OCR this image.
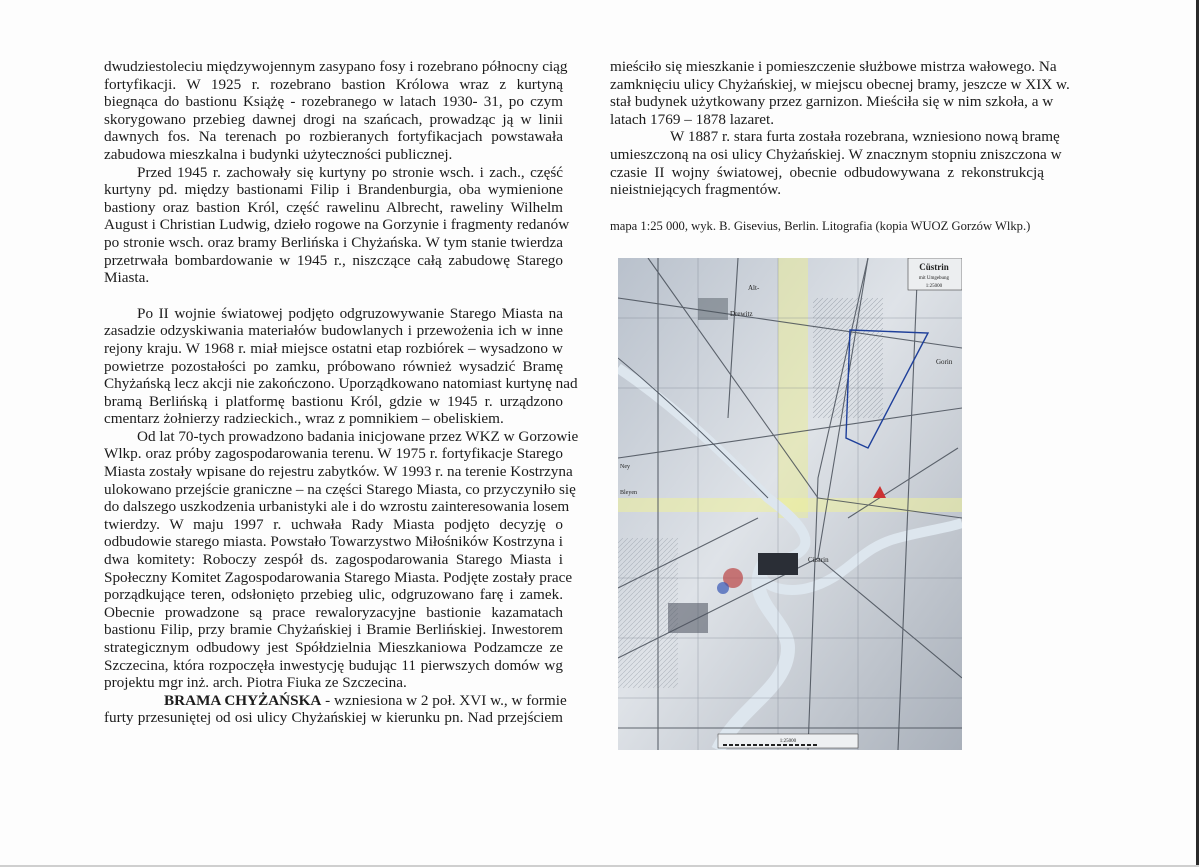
dwudziestoleciu międzywojennym zasypano fosy i rozebrano północny ciąg
fortyfikacji. W 1925 r. rozebrano bastion Królowa wraz z kurtyną
biegnąca do bastionu Książę - rozebranego w latach 1930- 31, po czym
skorygowano przebieg dawnej drogi na szańcach, prowadząc ją w linii
dawnych fos. Na terenach po rozbieranych fortyfikacjach powstawała
zabudowa mieszkalna i budynki użyteczności publicznej.
Przed 1945 r. zachowały się kurtyny po stronie wsch. i zach., część
kurtyny pd. między bastionami Filip i Brandenburgia, oba wymienione
bastiony oraz bastion Król, część rawelinu Albrecht, raweliny Wilhelm
August i Christian Ludwig, dzieło rogowe na Gorzynie i fragmenty redanów
po stronie wsch. oraz bramy Berlińska i Chyżańska. W tym stanie twierdza
przetrwała bombardowanie w 1945 r., niszczące całą zabudowę Starego
Miasta.
Po II wojnie światowej podjęto odgruzowywanie Starego Miasta na
zasadzie odzyskiwania materiałów budowlanych i przewożenia ich w inne
rejony kraju. W 1968 r. miał miejsce ostatni etap rozbiórek – wysadzono w
powietrze pozostałości po zamku, próbowano również wysadzić Bramę
Chyżańską lecz akcji nie zakończono. Uporządkowano natomiast kurtynę nad
bramą Berlińską i platformę bastionu Król, gdzie w 1945 r. urządzono
cmentarz żołnierzy radzieckich., wraz z pomnikiem – obeliskiem.
Od lat 70-tych prowadzono badania inicjowane przez WKZ w Gorzowie
Wlkp. oraz próby zagospodarowania terenu. W 1975 r. fortyfikacje Starego
Miasta zostały wpisane do rejestru zabytków. W 1993 r. na terenie Kostrzyna
ulokowano przejście graniczne – na części Starego Miasta, co przyczyniło się
do dalszego uszkodzenia urbanistyki ale i do wzrostu zainteresowania losem
twierdzy. W maju 1997 r. uchwała Rady Miasta podjęto decyzję o
odbudowie starego miasta. Powstało Towarzystwo Miłośników Kostrzyna i
dwa komitety: Roboczy zespół ds. zagospodarowania Starego Miasta i
Społeczny Komitet Zagospodarowania Starego Miasta. Podjęte zostały prace
porządkujące teren, odsłonięto przebieg ulic, odgruzowano farę i zamek.
Obecnie prowadzone są prace rewaloryzacyjne bastionie kazamatach
bastionu Filip, przy bramie Chyżańskiej i Bramie Berlińskiej. Inwestorem
strategicznym odbudowy jest Spółdzielnia Mieszkaniowa Podzamcze ze
Szczecina, która rozpoczęła inwestycję budując 11 pierwszych domów wg
projektu mgr inż. arch. Piotra Fiuka ze Szczecina.
BRAMA CHYŻAŃSKA - wzniesiona w 2 poł. XVI w., w formie
furty przesuniętej od osi ulicy Chyżańskiej w kierunku pn. Nad przejściem
mieściło się mieszkanie i pomieszczenie służbowe mistrza wałowego. Na
zamknięciu ulicy Chyżańskiej, w miejscu obecnej bramy, jeszcze w XIX w.
stał budynek użytkowany przez garnizon. Mieściła się w nim szkoła, a w
latach 1769 – 1878 lazaret.
W 1887 r. stara furta została rozebrana, wzniesiono nową bramę
umieszczoną na osi ulicy Chyżańskiej. W znacznym stopniu zniszczona w
czasie II wojny światowej, obecnie odbudowywana z rekonstrukcją
nieistniejących fragmentów.
mapa 1:25 000, wyk. B. Gisevius, Berlin. Litografia (kopia WUOZ Gorzów Wlkp.)
Cüstrin
mit Umgebung
1:25000
Alt-
Drewitz
Cüstrin
Gorin
Ney
Bleyen
1:25000
